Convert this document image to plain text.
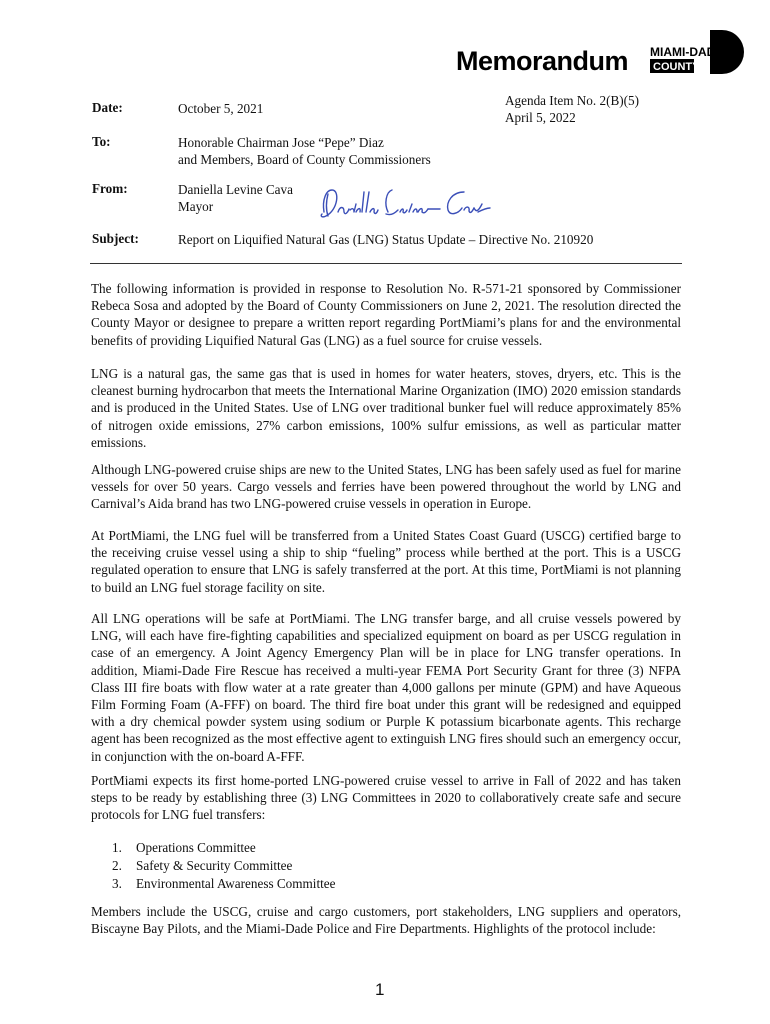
Memorandum MIAMI-DADE
COUNTY
Agenda Item No. 2(B)(5)
April 5, 2022
Date:	October 5, 2021
To:	Honorable Chairman Jose “Pepe” Diaz
and Members, Board of County Commissioners
From:	Daniella Levine Cava
Mayor
Subject:	Report on Liquified Natural Gas (LNG) Status Update – Directive No. 210920

The following information is provided in response to Resolution No. R-571-21 sponsored by Commissioner Rebeca Sosa and adopted by the Board of County Commissioners on June 2, 2021. The resolution directed the County Mayor or designee to prepare a written report regarding PortMiami’s plans for and the environmental benefits of providing Liquified Natural Gas (LNG) as a fuel source for cruise vessels.

LNG is a natural gas, the same gas that is used in homes for water heaters, stoves, dryers, etc. This is the cleanest burning hydrocarbon that meets the International Marine Organization (IMO) 2020 emission standards and is produced in the United States. Use of LNG over traditional bunker fuel will reduce approximately 85% of nitrogen oxide emissions, 27% carbon emissions, 100% sulfur emissions, as well as particular matter emissions.

Although LNG-powered cruise ships are new to the United States, LNG has been safely used as fuel for marine vessels for over 50 years. Cargo vessels and ferries have been powered throughout the world by LNG and Carnival’s Aida brand has two LNG-powered cruise vessels in operation in Europe.

At PortMiami, the LNG fuel will be transferred from a United States Coast Guard (USCG) certified barge to the receiving cruise vessel using a ship to ship “fueling” process while berthed at the port. This is a USCG regulated operation to ensure that LNG is safely transferred at the port. At this time, PortMiami is not planning to build an LNG fuel storage facility on site.

All LNG operations will be safe at PortMiami. The LNG transfer barge, and all cruise vessels powered by LNG, will each have fire-fighting capabilities and specialized equipment on board as per USCG regulation in case of an emergency. A Joint Agency Emergency Plan will be in place for LNG transfer operations. In addition, Miami-Dade Fire Rescue has received a multi-year FEMA Port Security Grant for three (3) NFPA Class III fire boats with flow water at a rate greater than 4,000 gallons per minute (GPM) and have Aqueous Film Forming Foam (A-FFF) on board. The third fire boat under this grant will be redesigned and equipped with a dry chemical powder system using sodium or Purple K potassium bicarbonate agents. This recharge agent has been recognized as the most effective agent to extinguish LNG fires should such an emergency occur, in conjunction with the on-board A-FFF.

PortMiami expects its first home-ported LNG-powered cruise vessel to arrive in Fall of 2022 and has taken steps to be ready by establishing three (3) LNG Committees in 2020 to collaboratively create safe and secure protocols for LNG fuel transfers:

1.	Operations Committee
2.	Safety & Security Committee
3.	Environmental Awareness Committee

Members include the USCG, cruise and cargo customers, port stakeholders, LNG suppliers and operators, Biscayne Bay Pilots, and the Miami-Dade Police and Fire Departments. Highlights of the protocol include:

1
